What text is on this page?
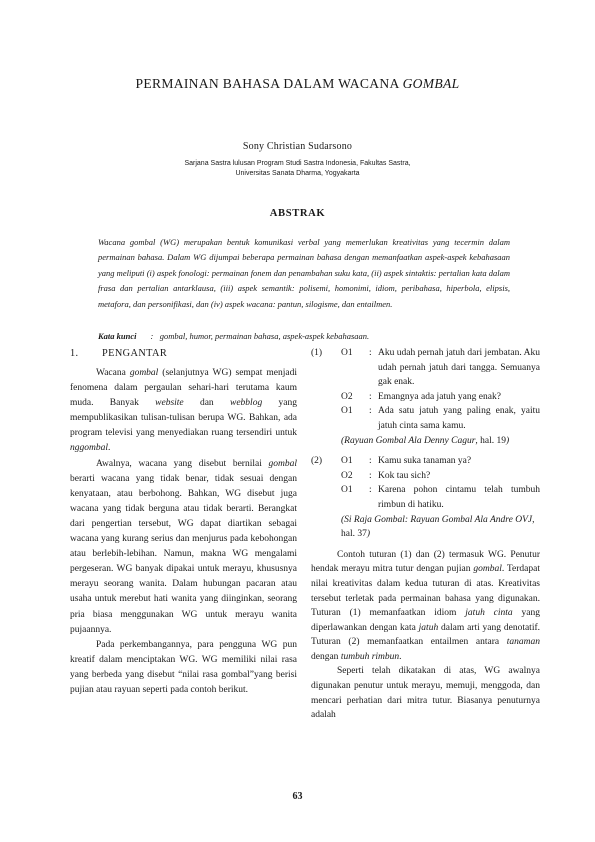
PERMAINAN BAHASA DALAM WACANA GOMBAL
Sony Christian Sudarsono
Sarjana Sastra lulusan Program Studi Sastra Indonesia, Fakultas Sastra,
Universitas Sanata Dharma, Yogyakarta
ABSTRAK
Wacana gombal (WG) merupakan bentuk komunikasi verbal yang memerlukan kreativitas yang tecermin dalam permainan bahasa. Dalam WG dijumpai beberapa permainan bahasa dengan memanfaatkan aspek-aspek kebahasaan yang meliputi (i) aspek fonologi: permainan fonem dan penambahan suku kata, (ii) aspek sintaktis: pertalian kata dalam frasa dan pertalian antarklausa, (iii) aspek semantik: polisemi, homonimi, idiom, peribahasa, hiperbola, elipsis, metafora, dan personifikasi, dan (iv) aspek wacana: pantun, silogisme, dan entailmen.
Kata kunci : gombal, humor, permainan bahasa, aspek-aspek kebahasaan.
1.	PENGANTAR

Wacana gombal (selanjutnya WG) sempat menjadi fenomena dalam pergaulan sehari-hari terutama kaum muda. Banyak website dan webblog yang mempublikasikan tulisan-tulisan berupa WG. Bahkan, ada program televisi yang menyediakan ruang tersendiri untuk nggombal.

Awalnya, wacana yang disebut bernilai gombal berarti wacana yang tidak benar, tidak sesuai dengan kenyataan, atau berbohong. Bahkan, WG disebut juga wacana yang tidak berguna atau tidak berarti. Berangkat dari pengertian tersebut, WG dapat diartikan sebagai wacana yang kurang serius dan menjurus pada kebohongan atau berlebih-lebihan. Namun, makna WG mengalami pergeseran. WG banyak dipakai untuk merayu, khususnya merayu seorang wanita. Dalam hubungan pacaran atau usaha untuk merebut hati wanita yang diinginkan, seorang pria biasa menggunakan WG untuk merayu wanita pujaannya.

Pada perkembangannya, para pengguna WG pun kreatif dalam menciptakan WG. WG memiliki nilai rasa yang berbeda yang disebut “nilai rasa gombal”yang berisi pujian atau rayuan seperti pada contoh berikut.

(1)	O1	: Aku udah pernah jatuh dari jembatan. Aku udah pernah jatuh dari tangga. Semuanya gak enak.
O2	: Emangnya ada jatuh yang enak?
O1	: Ada satu jatuh yang paling enak, yaitu jatuh cinta sama kamu.
(Rayuan Gombal Ala Denny Cagur, hal. 19)
(2)	O1	: Kamu suka tanaman ya?
O2	: Kok tau sich?
O1	: Karena pohon cintamu telah tumbuh rimbun di hatiku.
(Si Raja Gombal: Rayuan Gombal Ala Andre OVJ, hal. 37)

Contoh tuturan (1) dan (2) termasuk WG. Penutur hendak merayu mitra tutur dengan pujian gombal. Terdapat nilai kreativitas dalam kedua tuturan di atas. Kreativitas tersebut terletak pada permainan bahasa yang digunakan. Tuturan (1) memanfaatkan idiom jatuh cinta yang diperlawankan dengan kata jatuh dalam arti yang denotatif. Tuturan (2) memanfaatkan entailmen antara tanaman dengan tumbuh rimbun.

Seperti telah dikatakan di atas, WG awalnya digunakan penutur untuk merayu, memuji, menggoda, dan mencari perhatian dari mitra tutur. Biasanya penuturnya adalah

63
